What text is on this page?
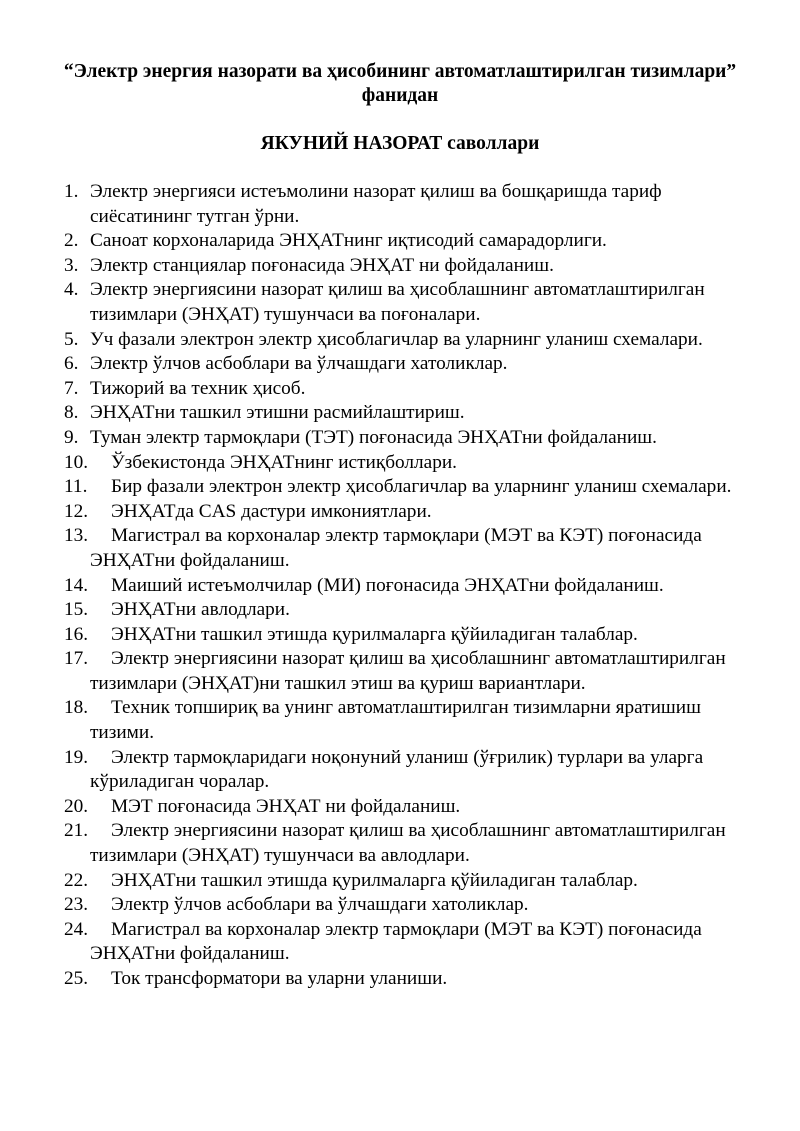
“Электр энергия назорати ва ҳисобининг автоматлаштирилган тизимлари” фанидан
ЯКУНИЙ НАЗОРАТ саволлари
1. Электр энергияси истеъмолини назорат қилиш ва бошқаришда тариф сиёсатининг тутган ўрни.
2. Саноат корхоналарида ЭНҲАТнинг иқтисодий самарадорлиги.
3. Электр станциялар поғонасида ЭНҲАТ ни фойдаланиш.
4. Электр энергиясини назорат қилиш ва ҳисоблашнинг автоматлаштирилган тизимлари (ЭНҲАТ) тушунчаси ва поғоналари.
5. Уч фазали электрон электр ҳисоблагичлар ва уларнинг уланиш схемалари.
6. Электр ўлчов асбоблари ва ўлчашдаги хатоликлар.
7. Тижорий ва техник ҳисоб.
8. ЭНҲАТни ташкил этишни расмийлаштириш.
9. Туман электр тармоқлари (ТЭТ) поғонасида ЭНҲАТни фойдаланиш.
10.	Ўзбекистонда ЭНҲАТнинг истиқболлари.
11.	Бир фазали электрон электр ҳисоблагичлар ва уларнинг уланиш схемалари.
12.	ЭНҲАТда CAS дастури имкониятлари.
13.	Магистрал ва корхоналар электр тармоқлари (МЭТ ва КЭТ) поғонасида ЭНҲАТни фойдаланиш.
14.	Маиший истеъмолчилар (МИ) поғонасида ЭНҲАТни фойдаланиш.
15.	ЭНҲАТни авлодлари.
16.	ЭНҲАТни ташкил этишда қурилмаларга қўйиладиган талаблар.
17.	Электр энергиясини назорат қилиш ва ҳисоблашнинг автоматлаштирилган тизимлари (ЭНҲАТ)ни ташкил этиш ва қуриш вариантлари.
18.	Техник топшириқ ва унинг автоматлаштирилган тизимларни яратишиш тизими.
19.	Электр тармоқларидаги ноқонуний уланиш (ўғрилик) турлари ва уларга кўриладиган чоралар.
20.	МЭТ поғонасида ЭНҲАТ ни фойдаланиш.
21.	Электр энергиясини назорат қилиш ва ҳисоблашнинг автоматлаштирилган тизимлари (ЭНҲАТ) тушунчаси ва авлодлари.
22.	ЭНҲАТни ташкил этишда қурилмаларга қўйиладиган талаблар.
23.	Электр ўлчов асбоблари ва ўлчашдаги хатоликлар.
24.	Магистрал ва корхоналар электр тармоқлари (МЭТ ва КЭТ) поғонасида ЭНҲАТни фойдаланиш.
25.	Ток трансформатори ва уларни уланиши.
